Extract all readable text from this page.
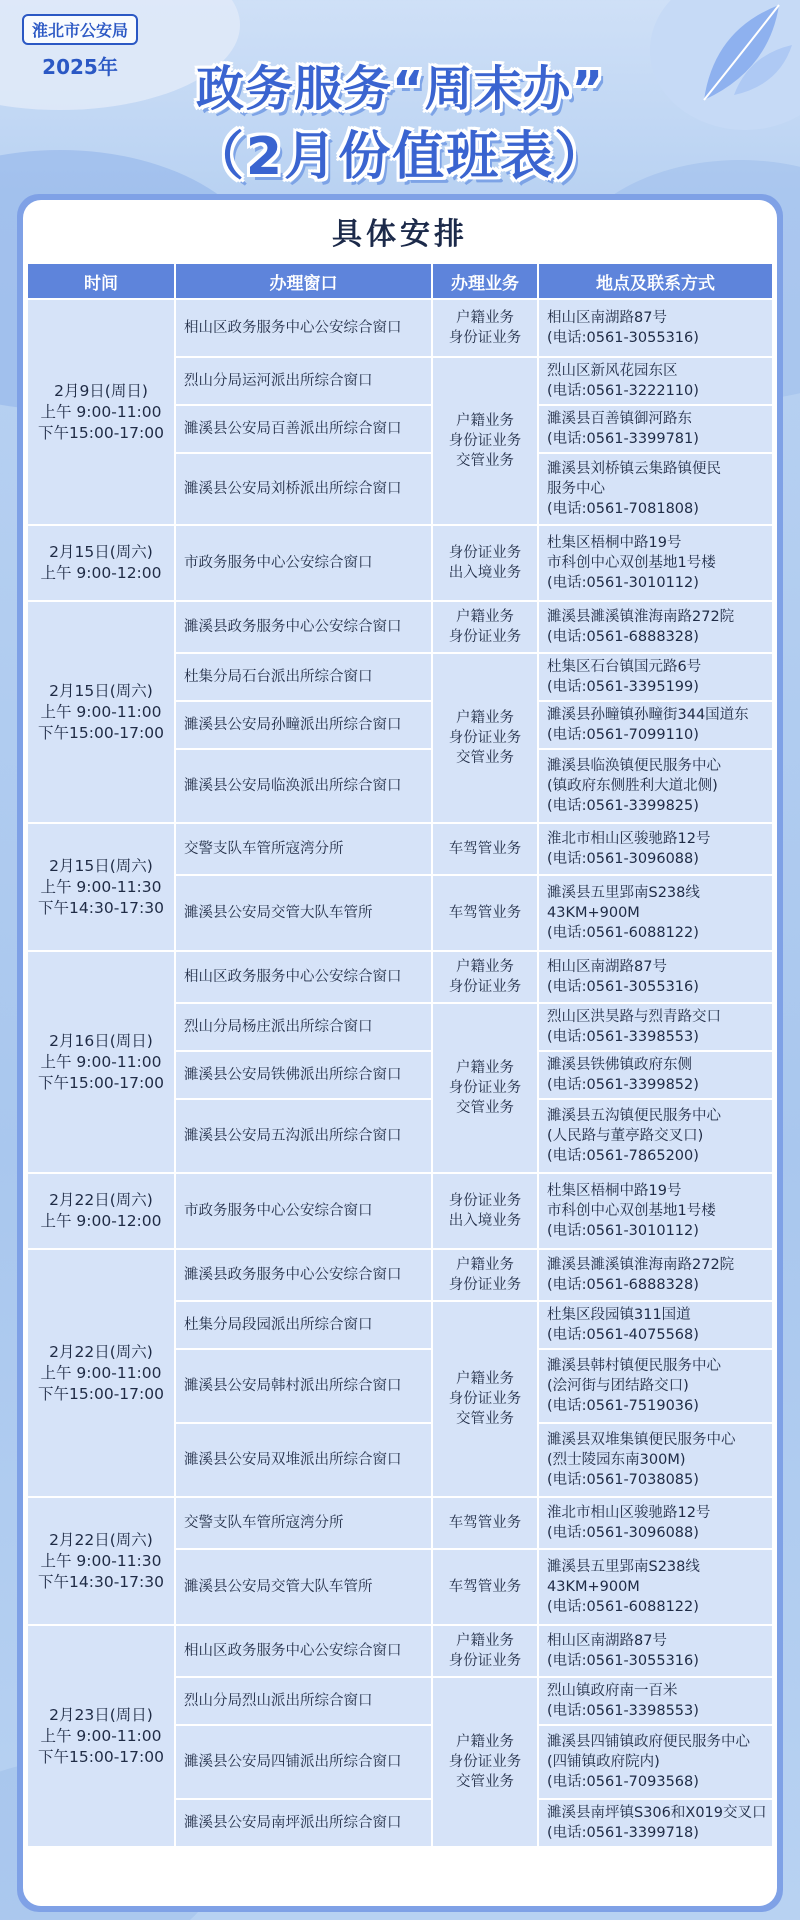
淮北市公安局
2025年	政务服务“周末办”
（2月份值班表）
具体安排
时间	办理窗口	办理业务	地点及联系方式

2月9日(周日)
上午 9:00-11:00
下午15:00-17:00	相山区政务服务中心公安综合窗口	户籍业务
身份证业务	相山区南湖路87号
(电话:0561-3055316)

	烈山分局运河派出所综合窗口	户籍业务
身份证业务
交管业务	烈山区新风花园东区
(电话:0561-3222110)

	濉溪县公安局百善派出所综合窗口		濉溪县百善镇御河路东
(电话:0561-3399781)

	濉溪县公安局刘桥派出所综合窗口		濉溪县刘桥镇云集路镇便民
服务中心
(电话:0561-7081808)

2月15日(周六)
上午 9:00-12:00	市政务服务中心公安综合窗口	身份证业务
出入境业务	杜集区梧桐中路19号
市科创中心双创基地1号楼
(电话:0561-3010112)

2月15日(周六)
上午 9:00-11:00
下午15:00-17:00	濉溪县政务服务中心公安综合窗口	户籍业务
身份证业务	濉溪县濉溪镇淮海南路272院
(电话:0561-6888328)

	杜集分局石台派出所综合窗口	户籍业务
身份证业务
交管业务	杜集区石台镇国元路6号
(电话:0561-3395199)

	濉溪县公安局孙疃派出所综合窗口		濉溪县孙疃镇孙疃街344国道东
(电话:0561-7099110)

	濉溪县公安局临涣派出所综合窗口		濉溪县临涣镇便民服务中心
(镇政府东侧胜利大道北侧)
(电话:0561-3399825)

2月15日(周六)
上午 9:00-11:30
下午14:30-17:30	交警支队车管所寇湾分所	车驾管业务	淮北市相山区骏驰路12号
(电话:0561-3096088)

	濉溪县公安局交管大队车管所	车驾管业务	濉溪县五里郢南S238线
43KM+900M
(电话:0561-6088122)

2月16日(周日)
上午 9:00-11:00
下午15:00-17:00	相山区政务服务中心公安综合窗口	户籍业务
身份证业务	相山区南湖路87号
(电话:0561-3055316)

	烈山分局杨庄派出所综合窗口	户籍业务
身份证业务
交管业务	烈山区洪昊路与烈青路交口
(电话:0561-3398553)

	濉溪县公安局铁佛派出所综合窗口		濉溪县铁佛镇政府东侧
(电话:0561-3399852)

	濉溪县公安局五沟派出所综合窗口		濉溪县五沟镇便民服务中心
(人民路与董亭路交叉口)
(电话:0561-7865200)

2月22日(周六)
上午 9:00-12:00	市政务服务中心公安综合窗口	身份证业务
出入境业务	杜集区梧桐中路19号
市科创中心双创基地1号楼
(电话:0561-3010112)

2月22日(周六)
上午 9:00-11:00
下午15:00-17:00	濉溪县政务服务中心公安综合窗口	户籍业务
身份证业务	濉溪县濉溪镇淮海南路272院
(电话:0561-6888328)

	杜集分局段园派出所综合窗口	户籍业务
身份证业务
交管业务	杜集区段园镇311国道
(电话:0561-4075568)

	濉溪县公安局韩村派出所综合窗口		濉溪县韩村镇便民服务中心
(浍河街与团结路交口)
(电话:0561-7519036)

	濉溪县公安局双堆派出所综合窗口		濉溪县双堆集镇便民服务中心
(烈士陵园东南300M)
(电话:0561-7038085)

2月22日(周六)
上午 9:00-11:30
下午14:30-17:30	交警支队车管所寇湾分所	车驾管业务	淮北市相山区骏驰路12号
(电话:0561-3096088)

	濉溪县公安局交管大队车管所	车驾管业务	濉溪县五里郢南S238线
43KM+900M
(电话:0561-6088122)

2月23日(周日)
上午 9:00-11:00
下午15:00-17:00	相山区政务服务中心公安综合窗口	户籍业务
身份证业务	相山区南湖路87号
(电话:0561-3055316)

	烈山分局烈山派出所综合窗口	户籍业务
身份证业务
交管业务	烈山镇政府南一百米
(电话:0561-3398553)

	濉溪县公安局四铺派出所综合窗口		濉溪县四铺镇政府便民服务中心
(四铺镇政府院内)
(电话:0561-7093568)

	濉溪县公安局南坪派出所综合窗口		濉溪县南坪镇S306和X019交叉口
(电话:0561-3399718)
